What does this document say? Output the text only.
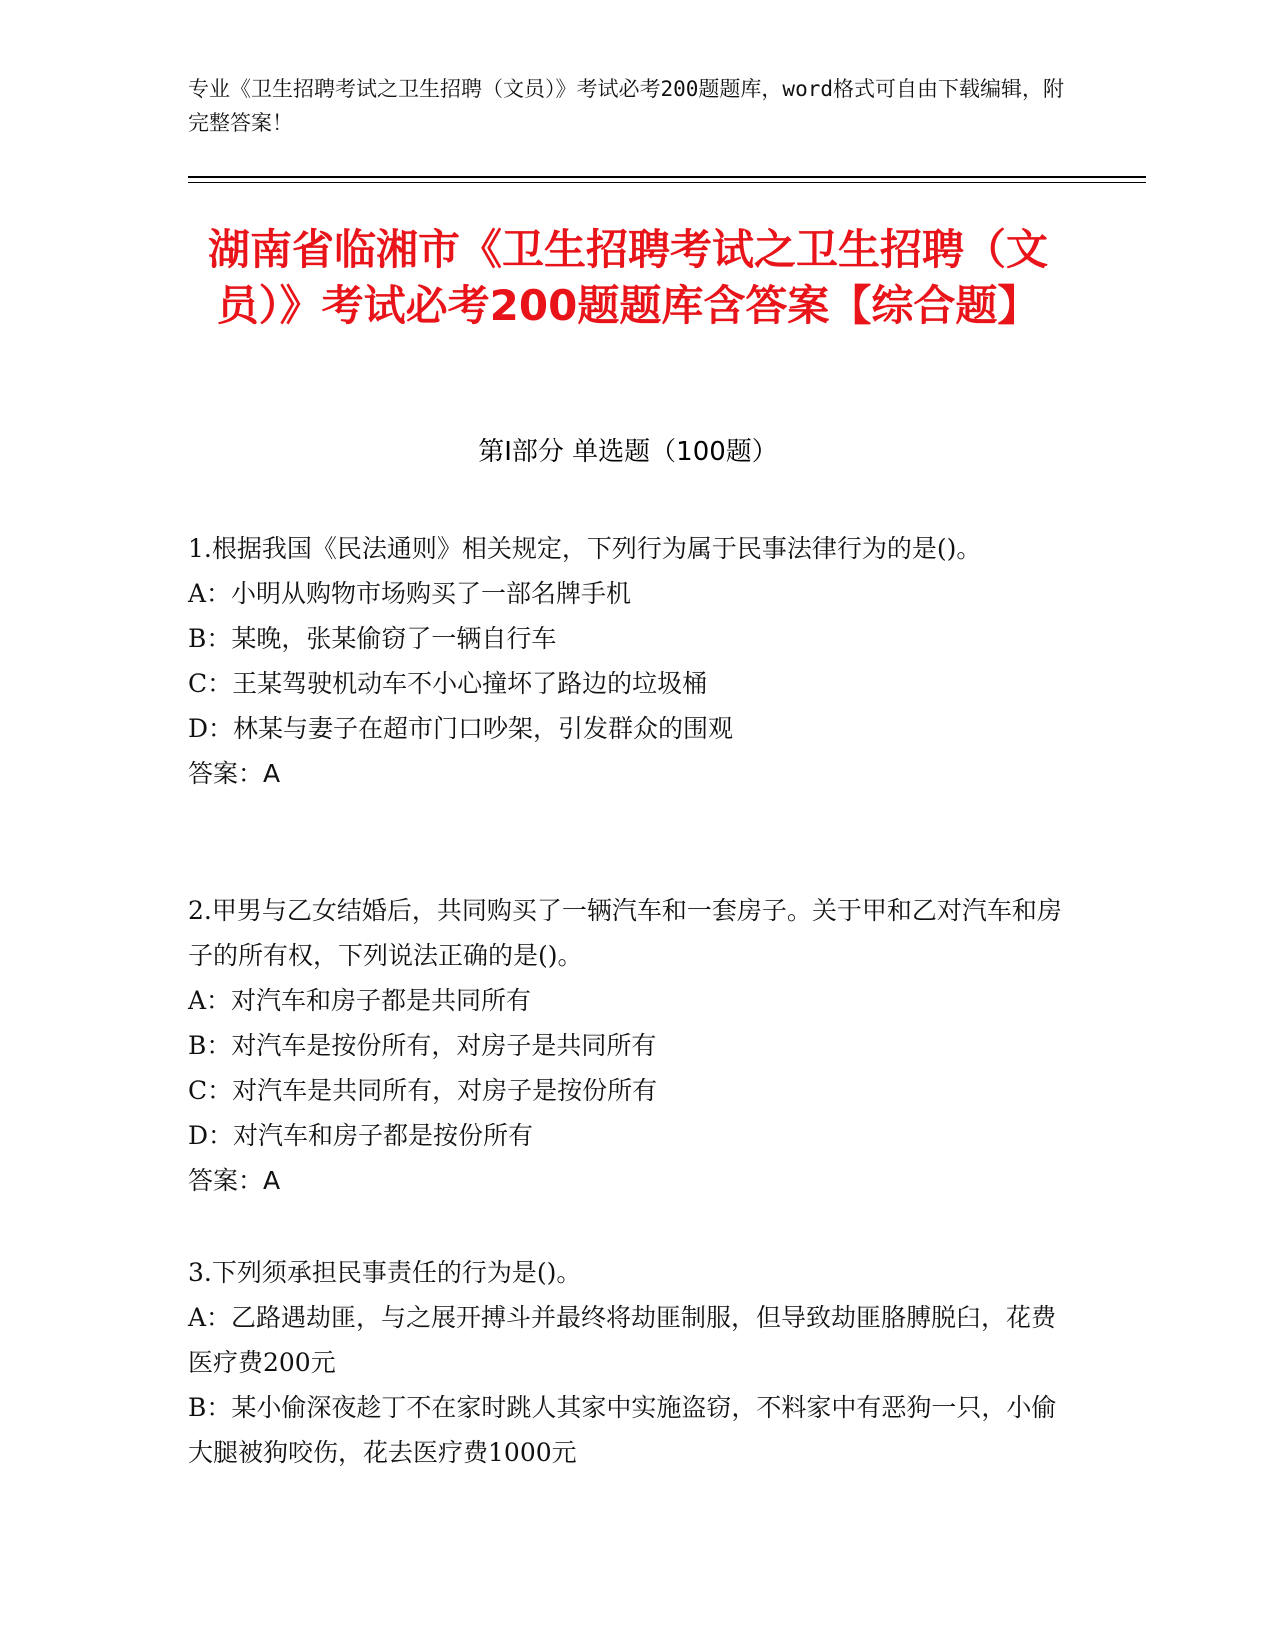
专业《卫生招聘考试之卫生招聘（文员）》考试必考200题题库，word格式可自由下载编辑，附完整答案！
湖南省临湘市《卫生招聘考试之卫生招聘（文员）》考试必考200题题库含答案【综合题】
第I部分 单选题（100题）

1.根据我国《民法通则》相关规定，下列行为属于民事法律行为的是()。

A：小明从购物市场购买了一部名牌手机

B：某晚，张某偷窃了一辆自行车

C：王某驾驶机动车不小心撞坏了路边的垃圾桶

D：林某与妻子在超市门口吵架，引发群众的围观

答案：A

2.甲男与乙女结婚后，共同购买了一辆汽车和一套房子。关于甲和乙对汽车和房子的所有权，下列说法正确的是()。

A：对汽车和房子都是共同所有

B：对汽车是按份所有，对房子是共同所有

C：对汽车是共同所有，对房子是按份所有

D：对汽车和房子都是按份所有

答案：A

3.下列须承担民事责任的行为是()。

A：乙路遇劫匪，与之展开搏斗并最终将劫匪制服，但导致劫匪胳膊脱臼，花费医疗费200元

B：某小偷深夜趁丁不在家时跳人其家中实施盗窃，不料家中有恶狗一只，小偷大腿被狗咬伤，花去医疗费1000元
